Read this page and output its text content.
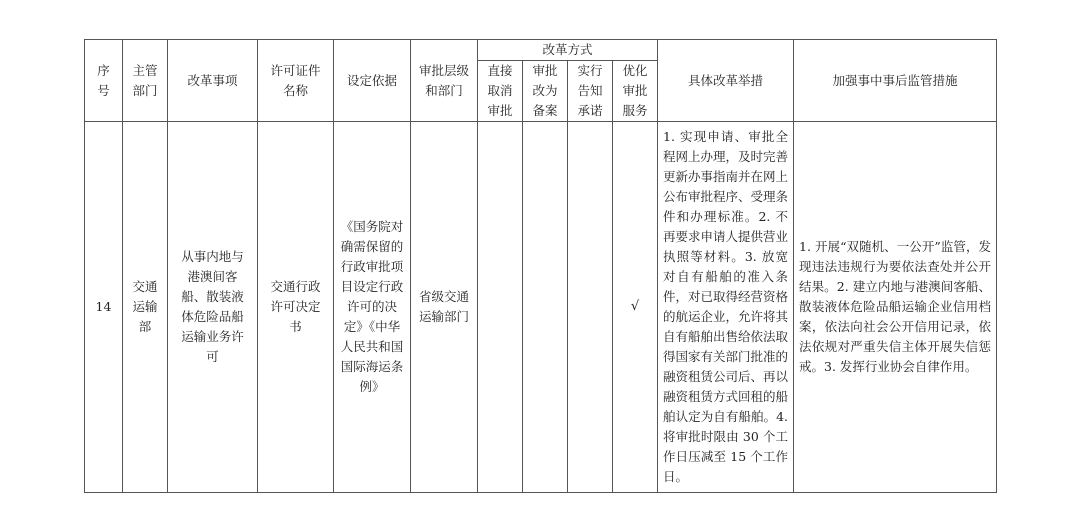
序号	主管部门	改革事项	许可证件名称	设定依据	审批层级和部门	改革方式				具体改革举措	加强事中事后监管措施

						直接取消审批	审批改为备案	实行告知承诺	优化审批服务		

14	交通运输部	从事内地与港澳间客船、散装液体危险品船运输业务许可	交通行政许可决定书	《国务院对确需保留的行政审批项目设定行政许可的决定》《中华人民共和国国际海运条例》	省级交通运输部门				√	1. 实现申请、审批全程网上办理，及时完善更新办事指南并在网上公布审批程序、受理条件和办理标准。2. 不再要求申请人提供营业执照等材料。3. 放宽对自有船舶的准入条件，对已取得经营资格的航运企业，允许将其自有船舶出售给依法取得国家有关部门批准的融资租赁公司后、再以融资租赁方式回租的船舶认定为自有船舶。4. 将审批时限由 30 个工作日压减至 15 个工作日。	1. 开展“双随机、一公开”监管，发现违法违规行为要依法查处并公开结果。2. 建立内地与港澳间客船、散装液体危险品船运输企业信用档案，依法向社会公开信用记录，依法依规对严重失信主体开展失信惩戒。3. 发挥行业协会自律作用。
